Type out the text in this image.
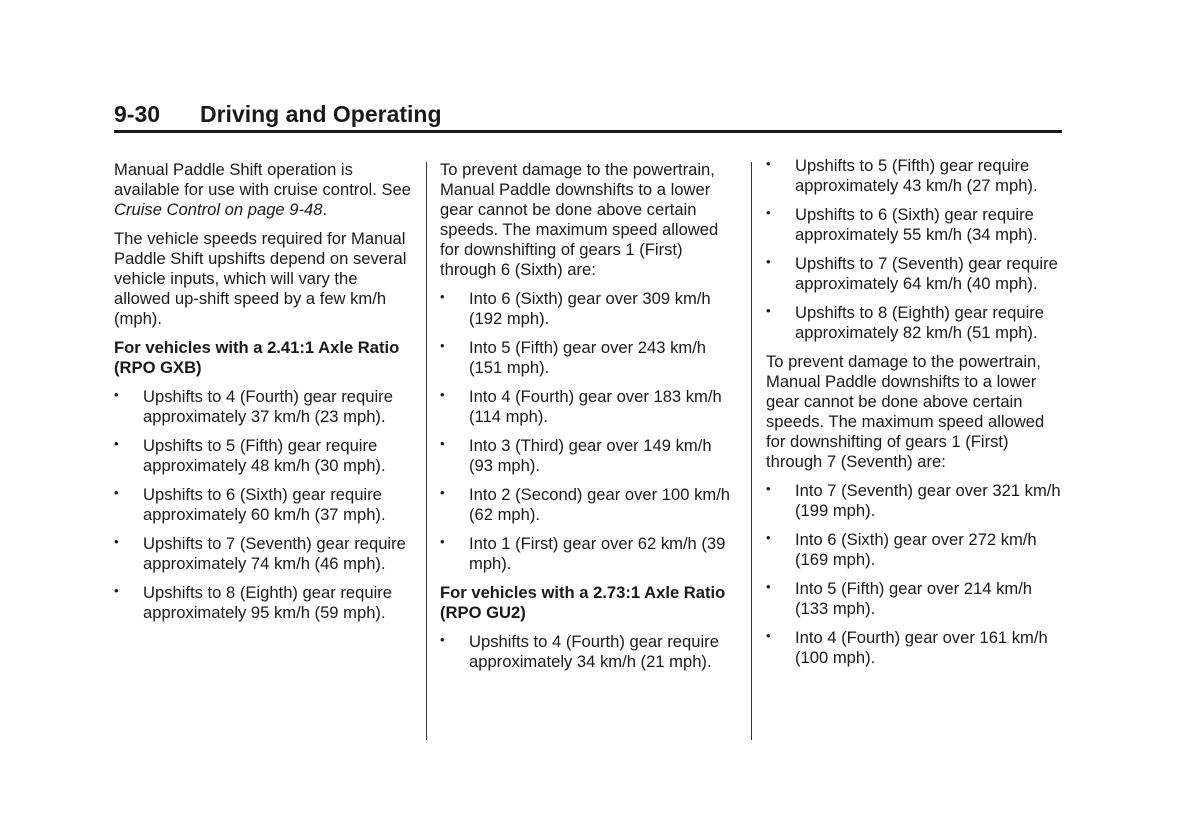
9-30 Driving and Operating

Manual Paddle Shift operation is available for use with cruise control. See Cruise Control on page 9-48.

The vehicle speeds required for Manual Paddle Shift upshifts depend on several vehicle inputs, which will vary the allowed up-shift speed by a few km/h (mph).

For vehicles with a 2.41:1 Axle Ratio (RPO GXB)

• Upshifts to 4 (Fourth) gear require approximately 37 km/h (23 mph).
• Upshifts to 5 (Fifth) gear require approximately 48 km/h (30 mph).
• Upshifts to 6 (Sixth) gear require approximately 60 km/h (37 mph).
• Upshifts to 7 (Seventh) gear require approximately 74 km/h (46 mph).
• Upshifts to 8 (Eighth) gear require approximately 95 km/h (59 mph).

To prevent damage to the powertrain, Manual Paddle downshifts to a lower gear cannot be done above certain speeds. The maximum speed allowed for downshifting of gears 1 (First) through 6 (Sixth) are:

• Into 6 (Sixth) gear over 309 km/h (192 mph).
• Into 5 (Fifth) gear over 243 km/h (151 mph).
• Into 4 (Fourth) gear over 183 km/h (114 mph).
• Into 3 (Third) gear over 149 km/h (93 mph).
• Into 2 (Second) gear over 100 km/h (62 mph).
• Into 1 (First) gear over 62 km/h (39 mph).

For vehicles with a 2.73:1 Axle Ratio (RPO GU2)

• Upshifts to 4 (Fourth) gear require approximately 34 km/h (21 mph).
• Upshifts to 5 (Fifth) gear require approximately 43 km/h (27 mph).
• Upshifts to 6 (Sixth) gear require approximately 55 km/h (34 mph).
• Upshifts to 7 (Seventh) gear require approximately 64 km/h (40 mph).
• Upshifts to 8 (Eighth) gear require approximately 82 km/h (51 mph).

To prevent damage to the powertrain, Manual Paddle downshifts to a lower gear cannot be done above certain speeds. The maximum speed allowed for downshifting of gears 1 (First) through 7 (Seventh) are:

• Into 7 (Seventh) gear over 321 km/h (199 mph).
• Into 6 (Sixth) gear over 272 km/h (169 mph).
• Into 5 (Fifth) gear over 214 km/h (133 mph).
• Into 4 (Fourth) gear over 161 km/h (100 mph).
